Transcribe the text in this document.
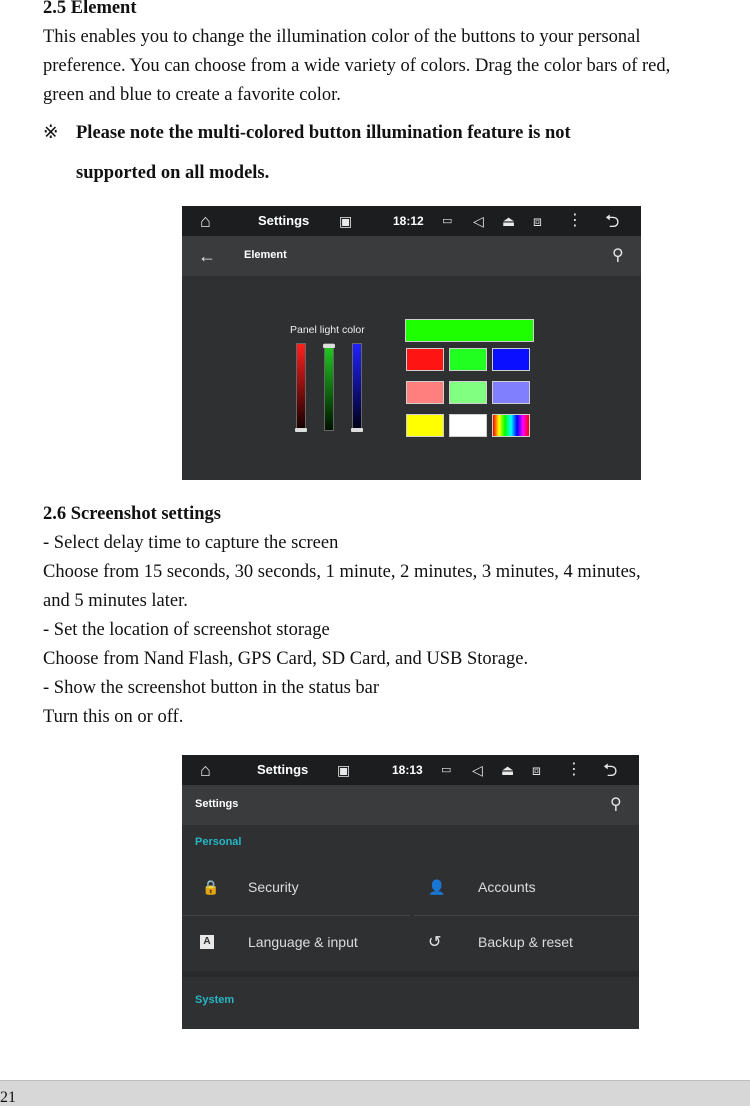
2.5 Element
This enables you to change the illumination color of the buttons to your personal
preference. You can choose from a wide variety of colors. Drag the color bars of red,
green and blue to create a favorite color.
※ Please note the multi-colored button illumination feature is not
supported on all models.
⌂	Settings ▣	18:12 ▭ ◁ ⏏ ⧈ ⋮ ⮌
←	Element	⚲
Panel light color
2.6 Screenshot settings
- Select delay time to capture the screen
Choose from 15 seconds, 30 seconds, 1 minute, 2 minutes, 3 minutes, 4 minutes,
and 5 minutes later.
- Set the location of screenshot storage
Choose from Nand Flash, GPS Card, SD Card, and USB Storage.
- Show the screenshot button in the status bar
Turn this on or off.
⌂	Settings ▣	18:13 ▭ ◁ ⏏ ⧈ ⋮ ⮌
Settings	⚲
Personal
🔒 Security	👤 Accounts
A	Language & input	↺	Backup & reset
System
21
